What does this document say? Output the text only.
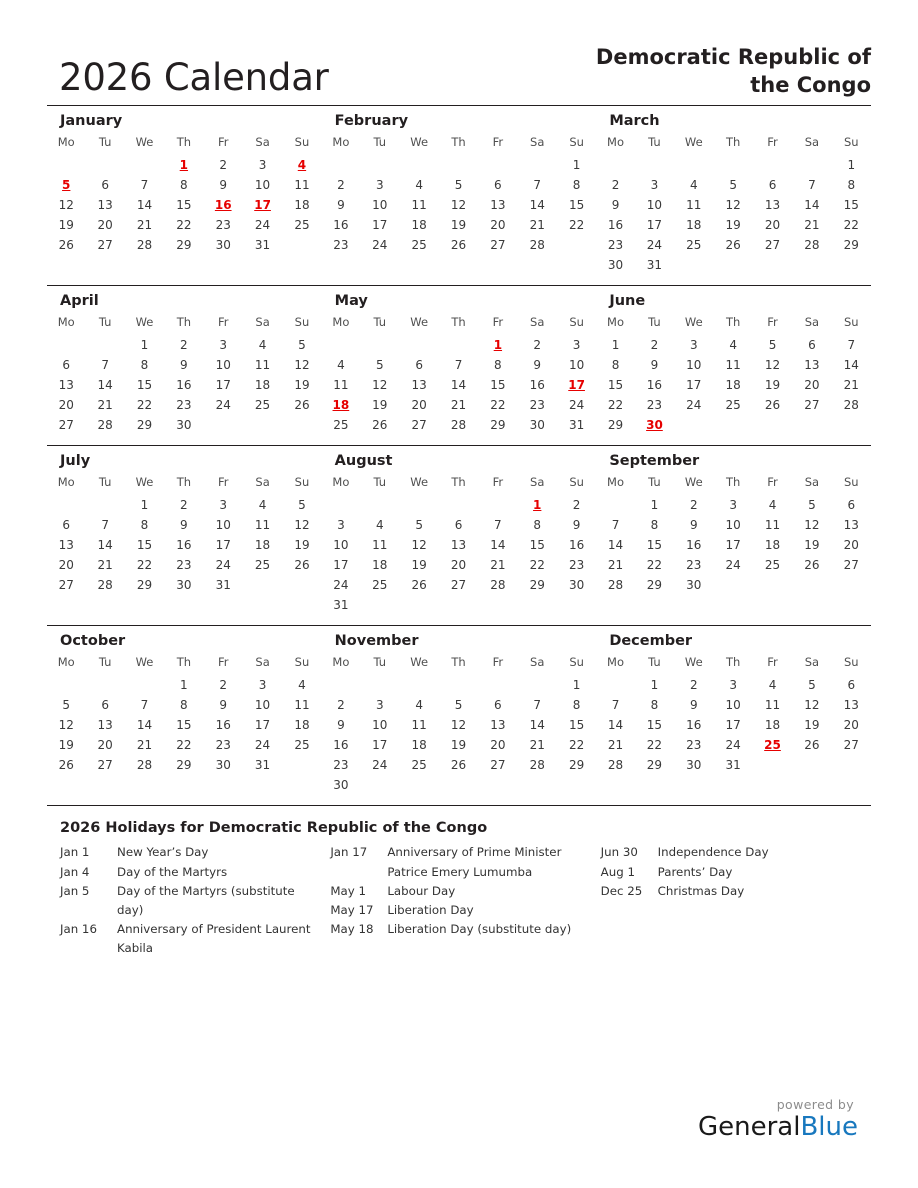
2026 Calendar	Democratic Republic of the Congo
January
Mo	Tu	We	Th	Fr	Sa	Su
			1	2	3	4
5	6	7	8	9	10	11
12	13	14	15	16	17	18
19	20	21	22	23	24	25
26	27	28	29	30	31	
February
Mo	Tu	We	Th	Fr	Sa	Su
						1
2	3	4	5	6	7	8
9	10	11	12	13	14	15
16	17	18	19	20	21	22
23	24	25	26	27	28	
March
Mo	Tu	We	Th	Fr	Sa	Su
						1
2	3	4	5	6	7	8
9	10	11	12	13	14	15
16	17	18	19	20	21	22
23	24	25	26	27	28	29
30	31					
April
Mo	Tu	We	Th	Fr	Sa	Su
		1	2	3	4	5
6	7	8	9	10	11	12
13	14	15	16	17	18	19
20	21	22	23	24	25	26
27	28	29	30			
May
Mo	Tu	We	Th	Fr	Sa	Su
				1	2	3
4	5	6	7	8	9	10
11	12	13	14	15	16	17
18	19	20	21	22	23	24
25	26	27	28	29	30	31
June
Mo	Tu	We	Th	Fr	Sa	Su
1	2	3	4	5	6	7
8	9	10	11	12	13	14
15	16	17	18	19	20	21
22	23	24	25	26	27	28
29	30					
July
Mo	Tu	We	Th	Fr	Sa	Su
		1	2	3	4	5
6	7	8	9	10	11	12
13	14	15	16	17	18	19
20	21	22	23	24	25	26
27	28	29	30	31		
August
Mo	Tu	We	Th	Fr	Sa	Su
					1	2
3	4	5	6	7	8	9
10	11	12	13	14	15	16
17	18	19	20	21	22	23
24	25	26	27	28	29	30
31						
September
Mo	Tu	We	Th	Fr	Sa	Su
	1	2	3	4	5	6
7	8	9	10	11	12	13
14	15	16	17	18	19	20
21	22	23	24	25	26	27
28	29	30				
October
Mo	Tu	We	Th	Fr	Sa	Su
			1	2	3	4
5	6	7	8	9	10	11
12	13	14	15	16	17	18
19	20	21	22	23	24	25
26	27	28	29	30	31	
November
Mo	Tu	We	Th	Fr	Sa	Su
						1
2	3	4	5	6	7	8
9	10	11	12	13	14	15
16	17	18	19	20	21	22
23	24	25	26	27	28	29
30						
December
Mo	Tu	We	Th	Fr	Sa	Su
	1	2	3	4	5	6
7	8	9	10	11	12	13
14	15	16	17	18	19	20
21	22	23	24	25	26	27
28	29	30	31			
2026 Holidays for Democratic Republic of the Congo
Jan 1	New Year’s Day
Jan 4	Day of the Martyrs
Jan 5	Day of the Martyrs (substitute day)
Jan 16	Anniversary of President Laurent Kabila
Jan 17	Anniversary of Prime Minister Patrice Emery Lumumba
May 1	Labour Day
May 17	Liberation Day
May 18	Liberation Day (substitute day)
Jun 30	Independence Day
Aug 1	Parents’ Day
Dec 25	Christmas Day
powered by
GeneralBlue
